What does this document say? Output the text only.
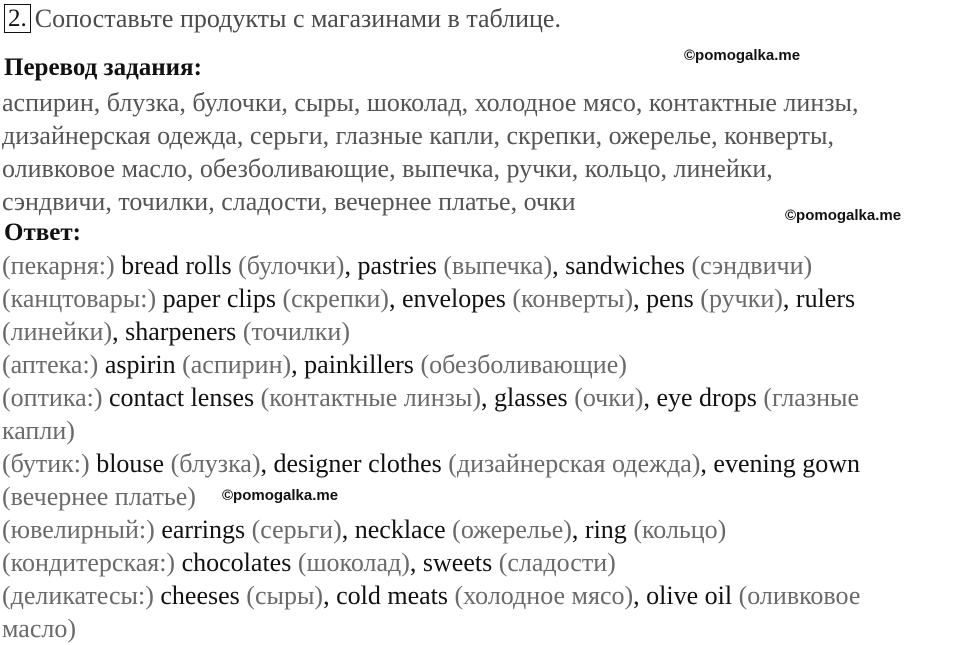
2. Сопоставьте продукты с магазинами в таблице.
©pomogalka.me
©pomogalka.me
©pomogalka.me
Перевод задания:
аспирин, блузка, булочки, сыры, шоколад, холодное мясо, контактные линзы,
дизайнерская одежда, серьги, глазные капли, скрепки, ожерелье, конверты,
оливковое масло, обезболивающие, выпечка, ручки, кольцо, линейки,
сэндвичи, точилки, сладости, вечернее платье, очки
Ответ:
(пекарня:) bread rolls (булочки), pastries (выпечка), sandwiches (сэндвичи)
(канцтовары:) paper clips (скрепки), envelopes (конверты), pens (ручки), rulers
(линейки), sharpeners (точилки)
(аптека:) aspirin (аспирин), painkillers (обезболивающие)
(оптика:) contact lenses (контактные линзы), glasses (очки), eye drops (глазные
капли)
(бутик:) blouse (блузка), designer clothes (дизайнерская одежда), evening gown
(вечернее платье)
(ювелирный:) earrings (серьги), necklace (ожерелье), ring (кольцо)
(кондитерская:) chocolates (шоколад), sweets (сладости)
(деликатесы:) cheeses (сыры), cold meats (холодное мясо), olive oil (оливковое
масло)
